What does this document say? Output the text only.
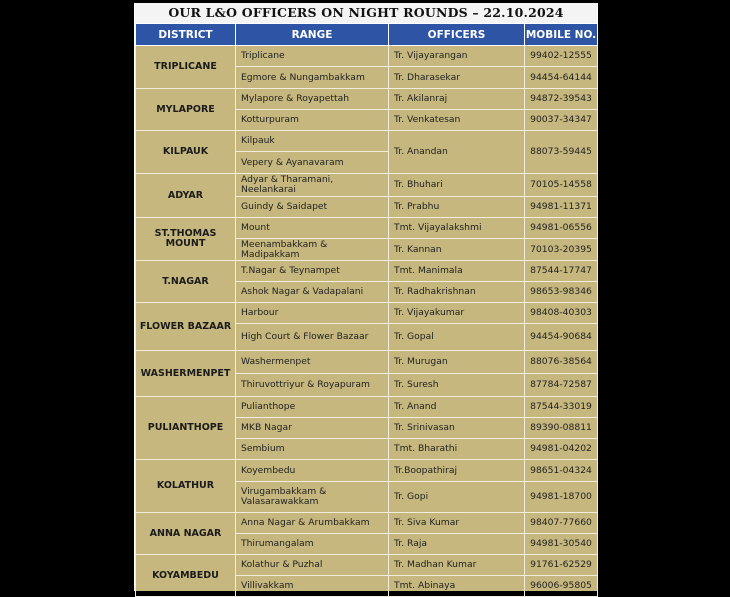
OUR L&O OFFICERS ON NIGHT ROUNDS – 22.10.2024
DISTRICT	RANGE	OFFICERS	MOBILE NO.
TRIPLICANE	Triplicane	Tr. Vijayarangan	99402-12555
	Egmore & Nungambakkam	Tr. Dharasekar	94454-64144
MYLAPORE	Mylapore & Royapettah	Tr. Akilanraj	94872-39543
	Kotturpuram	Tr. Venkatesan	90037-34347
KILPAUK	Kilpauk	Tr. Anandan	88073-59445
	Vepery & Ayanavaram		
ADYAR	Adyar & Tharamani, Neelankarai	Tr. Bhuhari	70105-14558
	Guindy & Saidapet	Tr. Prabhu	94981-11371
ST.THOMAS MOUNT	Mount	Tmt. Vijayalakshmi	94981-06556
	Meenambakkam & Madipakkam	Tr. Kannan	70103-20395
T.NAGAR	T.Nagar & Teynampet	Tmt. Manimala	87544-17747
	Ashok Nagar & Vadapalani	Tr. Radhakrishnan	98653-98346
FLOWER BAZAAR	Harbour	Tr. Vijayakumar	98408-40303
	High Court & Flower Bazaar	Tr. Gopal	94454-90684
WASHERMENPET	Washermenpet	Tr. Murugan	88076-38564
	Thiruvottriyur & Royapuram	Tr. Suresh	87784-72587
PULIANTHOPE	Pulianthope	Tr. Anand	87544-33019
	MKB Nagar	Tr. Srinivasan	89390-08811
	Sembium	Tmt. Bharathi	94981-04202
KOLATHUR	Koyembedu	Tr.Boopathiraj	98651-04324
	Virugambakkam & Valasarawakkam	Tr. Gopi	94981-18700
ANNA NAGAR	Anna Nagar & Arumbakkam	Tr. Siva Kumar	98407-77660
	Thirumangalam	Tr. Raja	94981-30540
KOYAMBEDU	Kolathur & Puzhal	Tr. Madhan Kumar	91761-62529
	Villivakkam	Tmt. Abinaya	96006-95805
